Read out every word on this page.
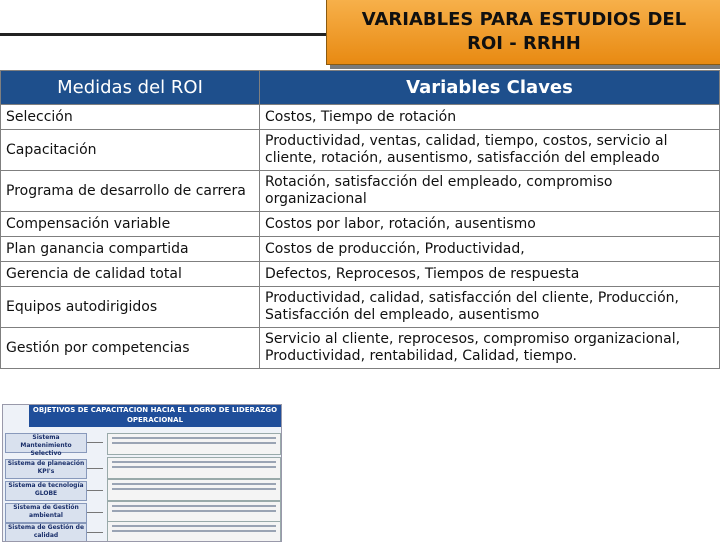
VARIABLES PARA ESTUDIOS DEL ROI - RRHH
Medidas del ROI	Variables Claves
Selección	Costos, Tiempo de rotación
Capacitación	Productividad, ventas, calidad, tiempo, costos, servicio al cliente, rotación, ausentismo, satisfacción del empleado
Programa de desarrollo de carrera	Rotación, satisfacción del empleado, compromiso organizacional
Compensación variable	Costos por labor, rotación, ausentismo
Plan ganancia compartida	Costos de producción, Productividad,
Gerencia de calidad total	Defectos, Reprocesos, Tiempos de respuesta
Equipos autodirigidos	Productividad, calidad, satisfacción del cliente, Producción, Satisfacción del empleado, ausentismo
Gestión por competencias	Servicio al cliente, reprocesos, compromiso organizacional, Productividad, rentabilidad, Calidad, tiempo.
OBJETIVOS DE CAPACITACION HACIA EL LOGRO DE LIDERAZGO OPERACIONAL
Sistema Mantenimiento Selectivo
Sistema de planeación KPI's
Sistema de tecnología GLOBE
Sistema de Gestión ambiental
Sistema de Gestión de calidad
